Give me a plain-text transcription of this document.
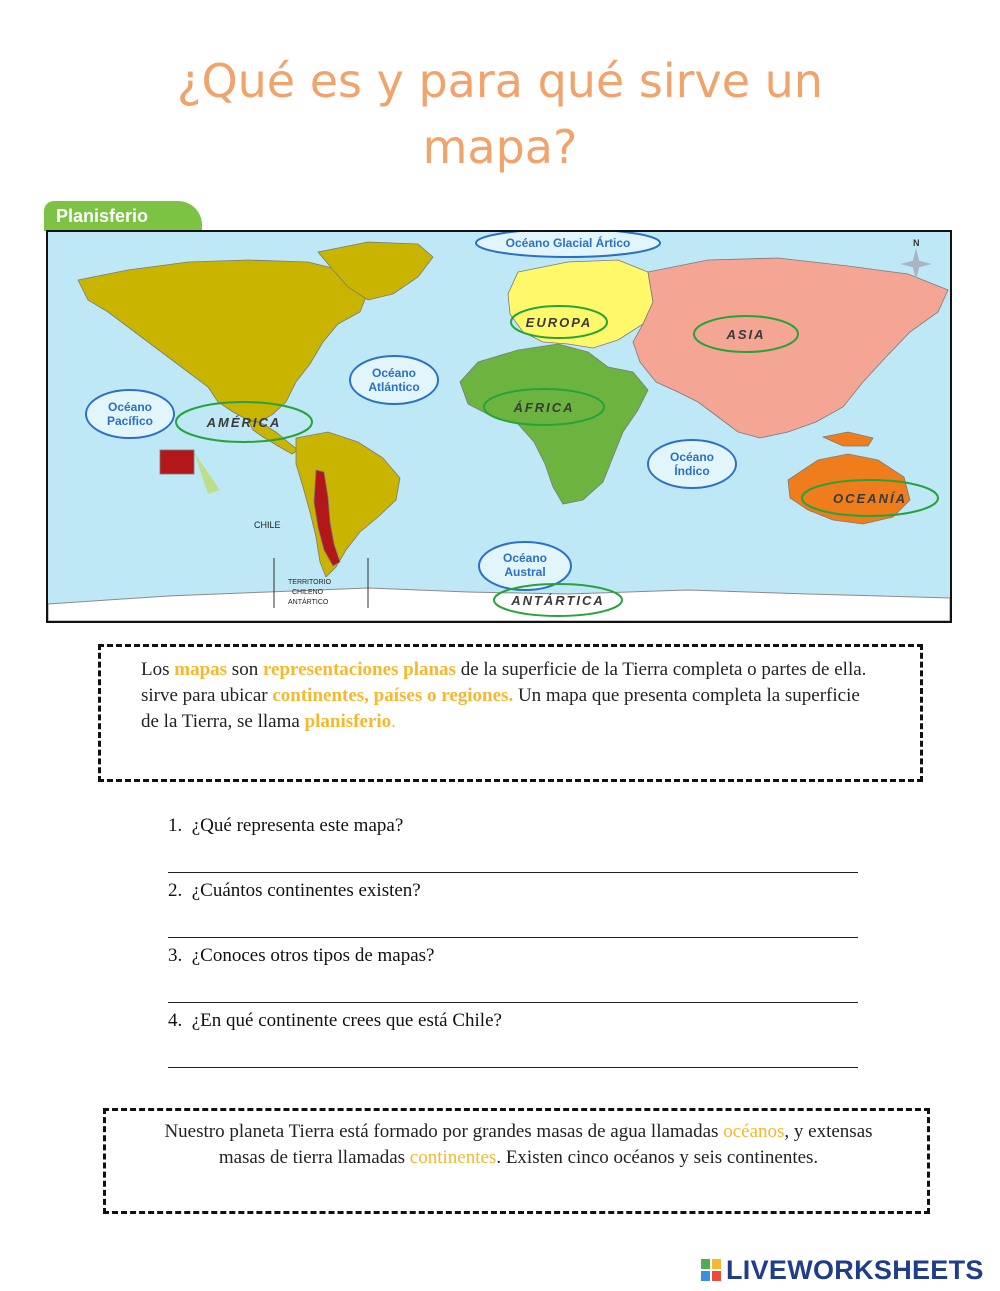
¿Qué es y para qué sirve un
mapa?
Planisferio
N
Océano Glacial Ártico
Océano
Atlántico
Océano
Pacífico
Océano
Índico
Océano
Austral
AMÉRICA
EUROPA
ASIA
ÁFRICA
OCEANÍA
ANTÁRTICA
CHILE
TERRITORIO
CHILENO
ANTÁRTICO

Los mapas son representaciones planas de la superficie de la Tierra completa o partes de ella. sirve para ubicar continentes, países o regiones. Un mapa que presenta completa la superficie de la Tierra, se llama planisferio.

1. ¿Qué representa este mapa?

2. ¿Cuántos continentes existen?

3. ¿Conoces otros tipos de mapas?

4. ¿En qué continente crees que está Chile?

Nuestro planeta Tierra está formado por grandes masas de agua llamadas océanos, y extensas masas de tierra llamadas continentes. Existen cinco océanos y seis continentes.

LIVEWORKSHEETS
